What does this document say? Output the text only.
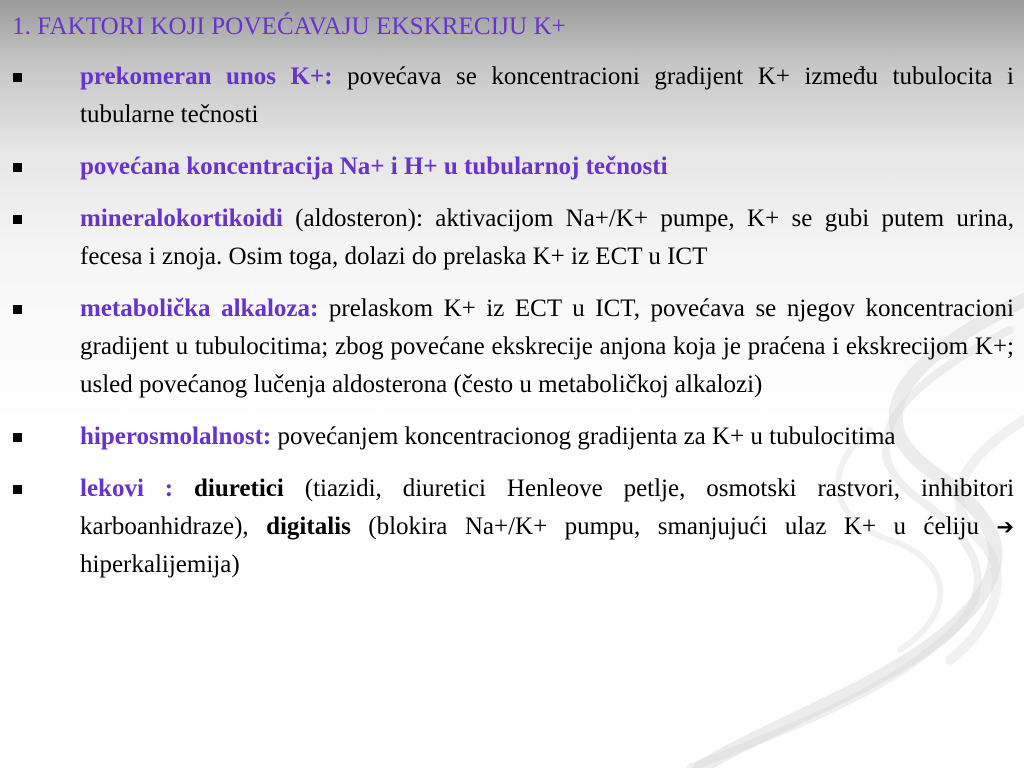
1. FAKTORI KOJI POVEĆAVAJU EKSKRECIJU K+
prekomeran unos K+: povećava se koncentracioni gradijent K+ između tubulocita i tubularne tečnosti
povećana koncentracija Na+ i H+ u tubularnoj tečnosti
mineralokortikoidi (aldosteron): aktivacijom Na+/K+ pumpe, K+ se gubi putem urina, fecesa i znoja. Osim toga, dolazi do prelaska K+ iz ECT u ICT
metabolička alkaloza: prelaskom K+ iz ECT u ICT, povećava se njegov koncentracioni gradijent u tubulocitima; zbog povećane ekskrecije anjona koja je praćena i ekskrecijom K+; usled povećanog lučenja aldosterona (često u metaboličkoj alkalozi)
hiperosmolalnost: povećanjem koncentracionog gradijenta za K+ u tubulocitima
lekovi : diuretici (tiazidi, diuretici Henleove petlje, osmotski rastvori, inhibitori karboanhidraze), digitalis (blokira Na+/K+ pumpu, smanjujući ulaz K+ u ćeliju ➔ hiperkalijemija)
